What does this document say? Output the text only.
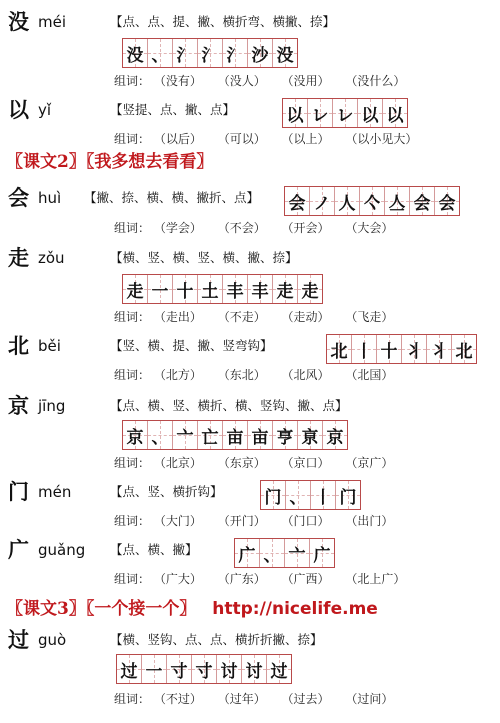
没 méi	【点、点、提、撇、横折弯、横撇、捺】
没 、 氵 氵 氵 沙 没
组词： （没有） （没人） （没用） （没什么）
以 yǐ	【竖提、点、撇、点】	以 レ レ 以 以
组词： （以后） （可以） （以上） （以小见大）
〖课文2〗〖我多想去看看〗
会 huì 【撇、捺、横、横、撇折、点】 会 ノ 人 亽 亼 会 会
组词： （学会） （不会） （开会） （大会）
走 zǒu	【横、竖、横、竖、横、撇、捺】
走 一 十 土 丰 丰 走 走
组词： （走出） （不走） （走动） （飞走）
北 běi	【竖、横、提、撇、竖弯钩】	北 丨 十 丬 丬 北
组词： （北方） （东北） （北风） （北国）
京 jīng	【点、横、竖、横折、横、竖钩、撇、点】
京 、 亠 亡 亩 亩 亨 亰 京
组词： （北京） （东京） （京口） （京广）
门 mén	【点、竖、横折钩】 门 、 丨 门
组词： （大门） （开门） （门口） （出门）
广 guǎng 【点、横、撇】 广 、 亠 广
组词： （广大） （广东） （广西） （北上广）
〖课文3〗〖一个接一个〗 http://nicelife.me
过 guò	【横、竖钩、点、点、横折折撇、捺】
过 一 寸 寸 讨 讨 过
组词： （不过） （过年） （过去） （过问）
